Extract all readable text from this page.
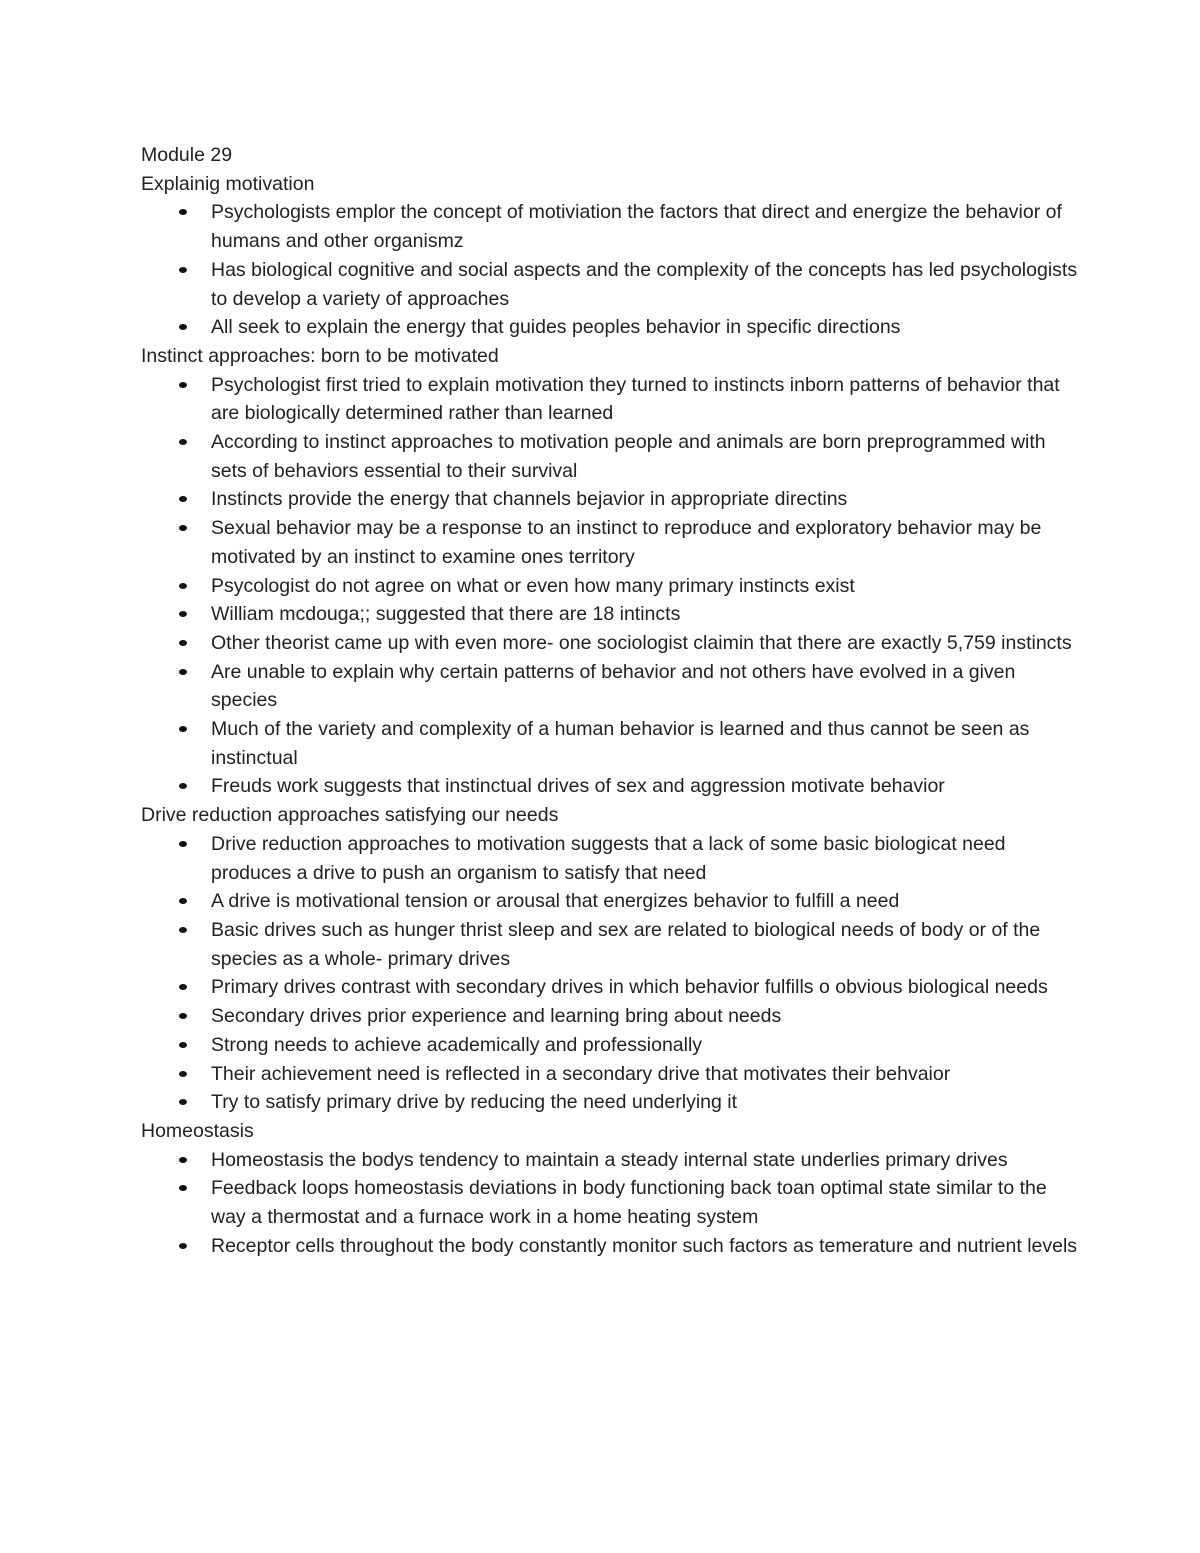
Module 29

Explainig motivation

Psychologists emplor the concept of motiviation the factors that direct and energize the behavior of humans and other organismz
Has biological cognitive and social aspects and the complexity of the concepts has led psychologists to develop a variety of approaches
All seek to explain the energy that guides peoples behavior in specific directions

Instinct approaches: born to be motivated

Psychologist first tried to explain motivation they turned to instincts inborn patterns of behavior that are biologically determined rather than learned
According to instinct approaches to motivation people and animals are born preprogrammed with sets of behaviors essential to their survival
Instincts provide the energy that channels bejavior in appropriate directins
Sexual behavior may be a response to an instinct to reproduce and exploratory behavior may be motivated by an instinct to examine ones territory
Psycologist do not agree on what or even how many primary instincts exist
William mcdouga;; suggested that there are 18 intincts
Other theorist came up with even more- one sociologist claimin that there are exactly 5,759 instincts
Are unable to explain why certain patterns of behavior and not others have evolved in a given species
Much of the variety and complexity of a human behavior is learned and thus cannot be seen as instinctual
Freuds work suggests that instinctual drives of sex and aggression motivate behavior

Drive reduction approaches satisfying our needs

Drive reduction approaches to motivation suggests that a lack of some basic biologicat need produces a drive to push an organism to satisfy that need
A drive is motivational tension or arousal that energizes behavior to fulfill a need
Basic drives such as hunger thrist sleep and sex are related to biological needs of body or of the species as a whole- primary drives
Primary drives contrast with secondary drives in which behavior fulfills o obvious biological needs
Secondary drives prior experience and learning bring about needs
Strong needs to achieve academically and professionally
Their achievement need is reflected in a secondary drive that motivates their behvaior
Try to satisfy primary drive by reducing the need underlying it

Homeostasis

Homeostasis the bodys tendency to maintain a steady internal state underlies primary drives
Feedback loops homeostasis deviations in body functioning back toan optimal state similar to the way a thermostat and a furnace work in a home heating system
Receptor cells throughout the body constantly monitor such factors as temerature and nutrient levels
